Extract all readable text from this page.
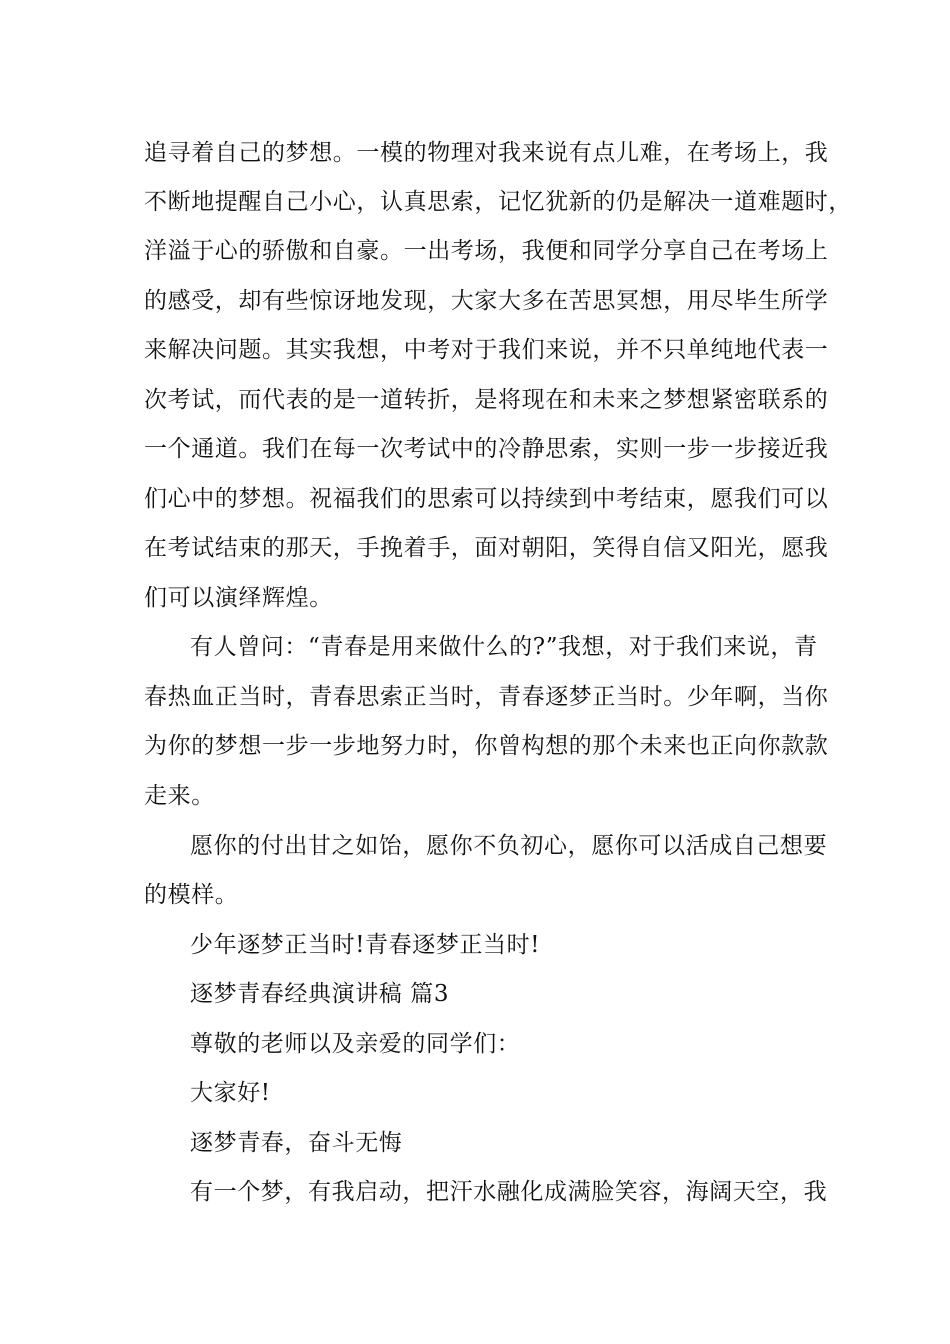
追寻着自己的梦想。一模的物理对我来说有点儿难，在考场上，我
不断地提醒自己小心，认真思索，记忆犹新的仍是解决一道难题时，
洋溢于心的骄傲和自豪。一出考场，我便和同学分享自己在考场上
的感受，却有些惊讶地发现，大家大多在苦思冥想，用尽毕生所学
来解决问题。其实我想，中考对于我们来说，并不只单纯地代表一
次考试，而代表的是一道转折，是将现在和未来之梦想紧密联系的
一个通道。我们在每一次考试中的冷静思索，实则一步一步接近我
们心中的梦想。祝福我们的思索可以持续到中考结束，愿我们可以
在考试结束的那天，手挽着手，面对朝阳，笑得自信又阳光，愿我
们可以演绎辉煌。
有人曾问：“青春是用来做什么的?”我想，对于我们来说，青
春热血正当时，青春思索正当时，青春逐梦正当时。少年啊，当你
为你的梦想一步一步地努力时，你曾构想的那个未来也正向你款款
走来。
愿你的付出甘之如饴，愿你不负初心，愿你可以活成自己想要
的模样。
少年逐梦正当时!青春逐梦正当时!
逐梦青春经典演讲稿 篇3
尊敬的老师以及亲爱的同学们：
大家好!
逐梦青春，奋斗无悔
有一个梦，有我启动，把汗水融化成满脸笑容，海阔天空，我
